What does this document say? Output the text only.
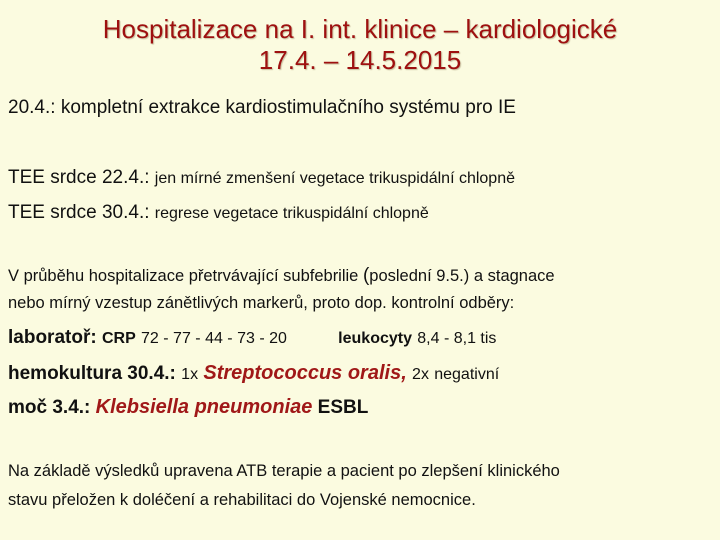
Hospitalizace na I. int. klinice – kardiologické
17.4. – 14.5.2015
20.4.: kompletní extrakce kardiostimulačního systému pro IE
TEE srdce 22.4.: jen mírné zmenšení vegetace trikuspidální chlopně
TEE srdce 30.4.: regrese vegetace trikuspidální chlopně
V průběhu hospitalizace přetrvávající subfebrilie (poslední 9.5.) a stagnace
nebo mírný vzestup zánětlivých markerů, proto dop. kontrolní odběry:
laboratoř: CRP 72 - 77 - 44 - 73 - 20	leukocyty 8,4 - 8,1 tis
hemokultura 30.4.: 1x Streptococcus oralis, 2x negativní
moč 3.4.: Klebsiella pneumoniae ESBL
Na základě výsledků upravena ATB terapie a pacient po zlepšení klinického
stavu přeložen k doléčení a rehabilitaci do Vojenské nemocnice.
